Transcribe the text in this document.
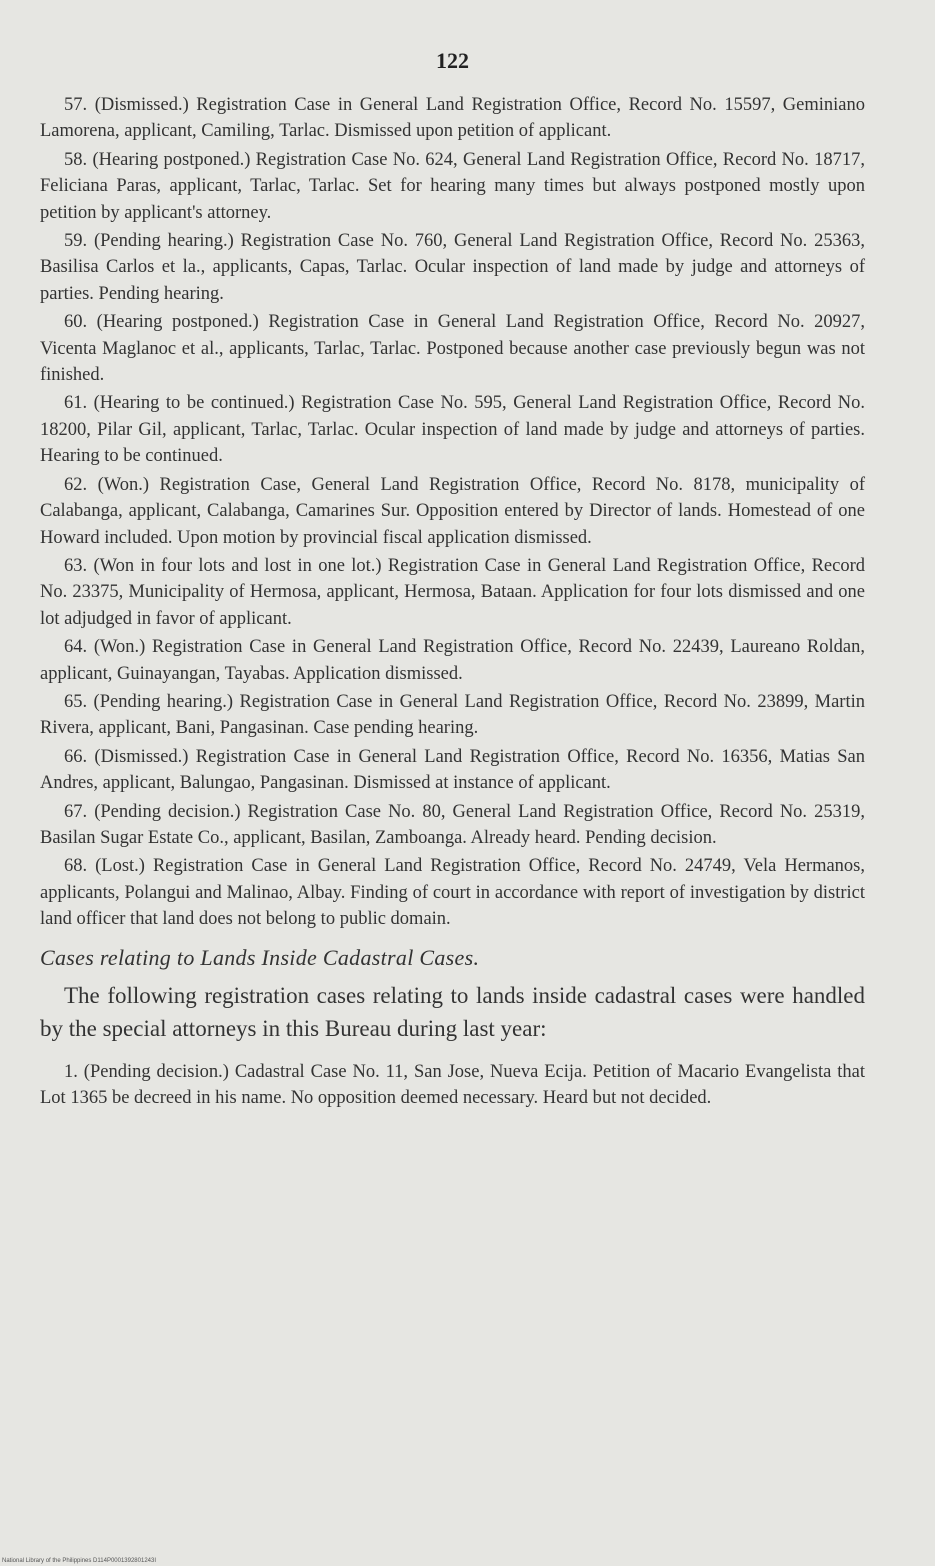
122

57. (Dismissed.) Registration Case in General Land Registration Office, Record No. 15597, Geminiano Lamorena, applicant, Camiling, Tarlac. Dismissed upon petition of applicant.

58. (Hearing postponed.) Registration Case No. 624, General Land Registration Office, Record No. 18717, Feliciana Paras, applicant, Tarlac, Tarlac. Set for hearing many times but always postponed mostly upon petition by applicant's attorney.

59. (Pending hearing.) Registration Case No. 760, General Land Registration Office, Record No. 25363, Basilisa Carlos et la., applicants, Capas, Tarlac. Ocular inspection of land made by judge and attorneys of parties. Pending hearing.

60. (Hearing postponed.) Registration Case in General Land Registration Office, Record No. 20927, Vicenta Maglanoc et al., applicants, Tarlac, Tarlac. Postponed because another case previously begun was not finished.

61. (Hearing to be continued.) Registration Case No. 595, General Land Registration Office, Record No. 18200, Pilar Gil, applicant, Tarlac, Tarlac. Ocular inspection of land made by judge and attorneys of parties. Hearing to be continued.

62. (Won.) Registration Case, General Land Registration Office, Record No. 8178, municipality of Calabanga, applicant, Calabanga, Camarines Sur. Opposition entered by Director of lands. Homestead of one Howard included. Upon motion by provincial fiscal application dismissed.

63. (Won in four lots and lost in one lot.) Registration Case in General Land Registration Office, Record No. 23375, Municipality of Hermosa, applicant, Hermosa, Bataan. Application for four lots dismissed and one lot adjudged in favor of applicant.

64. (Won.) Registration Case in General Land Registration Office, Record No. 22439, Laureano Roldan, applicant, Guinayangan, Tayabas. Application dismissed.

65. (Pending hearing.) Registration Case in General Land Registration Office, Record No. 23899, Martin Rivera, applicant, Bani, Pangasinan. Case pending hearing.

66. (Dismissed.) Registration Case in General Land Registration Office, Record No. 16356, Matias San Andres, applicant, Balungao, Pangasinan. Dismissed at instance of applicant.

67. (Pending decision.) Registration Case No. 80, General Land Registration Office, Record No. 25319, Basilan Sugar Estate Co., applicant, Basilan, Zamboanga. Already heard. Pending decision.

68. (Lost.) Registration Case in General Land Registration Office, Record No. 24749, Vela Hermanos, applicants, Polangui and Malinao, Albay. Finding of court in accordance with report of investigation by district land officer that land does not belong to public domain.

Cases relating to Lands Inside Cadastral Cases.

The following registration cases relating to lands inside cadastral cases were handled by the special attorneys in this Bureau during last year:

1. (Pending decision.) Cadastral Case No. 11, San Jose, Nueva Ecija. Petition of Macario Evangelista that Lot 1365 be decreed in his name. No opposition deemed necessary. Heard but not decided.

National Library of the Philippines D114P0001392801243I
